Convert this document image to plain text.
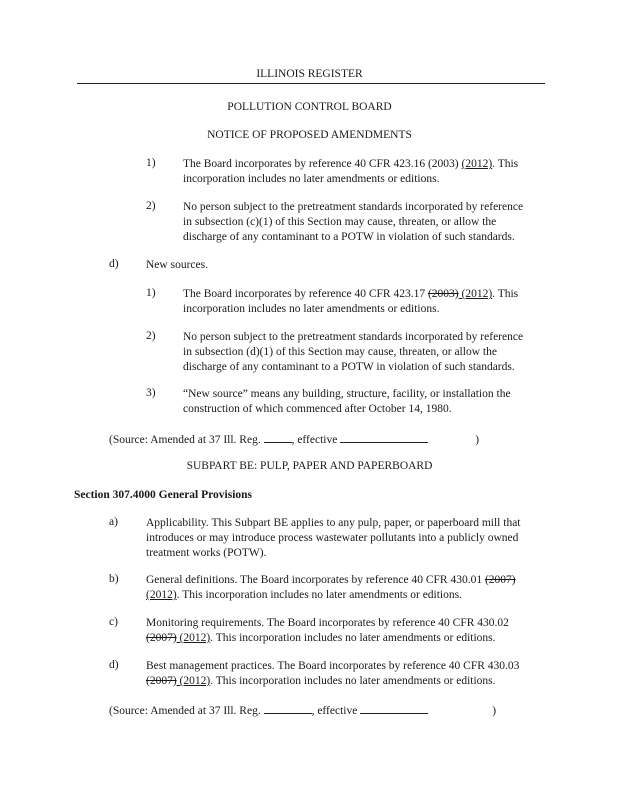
ILLINOIS REGISTER
POLLUTION CONTROL BOARD
NOTICE OF PROPOSED AMENDMENTS
1) The Board incorporates by reference 40 CFR 423.16 (2003) (2012). This
incorporation includes no later amendments or editions.
2) No person subject to the pretreatment standards incorporated by reference
in subsection (c)(1) of this Section may cause, threaten, or allow the
discharge of any contaminant to a POTW in violation of such standards.
d) New sources.
1) The Board incorporates by reference 40 CFR 423.17 (2003) (2012). This
incorporation includes no later amendments or editions.
2) No person subject to the pretreatment standards incorporated by reference
in subsection (d)(1) of this Section may cause, threaten, or allow the
discharge of any contaminant to a POTW in violation of such standards.
3) “New source” means any building, structure, facility, or installation the
construction of which commenced after October 14, 1980.
(Source: Amended at 37 Ill. Reg. , effective	)
SUBPART BE: PULP, PAPER AND PAPERBOARD
Section 307.4000 General Provisions
a) Applicability. This Subpart BE applies to any pulp, paper, or paperboard mill that
introduces or may introduce process wastewater pollutants into a publicly owned
treatment works (POTW).
b) General definitions. The Board incorporates by reference 40 CFR 430.01 (2007)
(2012). This incorporation includes no later amendments or editions.
c) Monitoring requirements. The Board incorporates by reference 40 CFR 430.02
(2007) (2012). This incorporation includes no later amendments or editions.
d) Best management practices. The Board incorporates by reference 40 CFR 430.03
(2007) (2012). This incorporation includes no later amendments or editions.
(Source: Amended at 37 Ill. Reg.	, effective	)
